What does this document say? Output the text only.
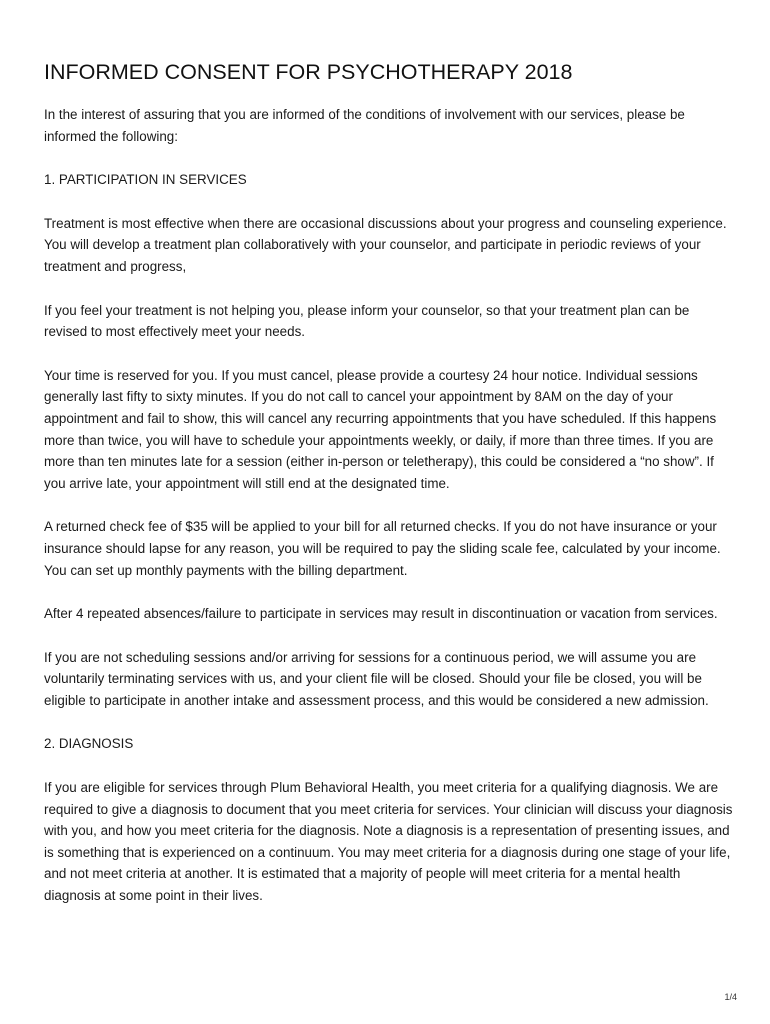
INFORMED CONSENT FOR PSYCHOTHERAPY 2018

In the interest of assuring that you are informed of the conditions of involvement with our services, please be informed the following:

1. PARTICIPATION IN SERVICES

Treatment is most effective when there are occasional discussions about your progress and counseling experience. You will develop a treatment plan collaboratively with your counselor, and participate in periodic reviews of your treatment and progress,

If you feel your treatment is not helping you, please inform your counselor, so that your treatment plan can be revised to most effectively meet your needs.

Your time is reserved for you. If you must cancel, please provide a courtesy 24 hour notice. Individual sessions generally last fifty to sixty minutes. If you do not call to cancel your appointment by 8AM on the day of your appointment and fail to show, this will cancel any recurring appointments that you have scheduled. If this happens more than twice, you will have to schedule your appointments weekly, or daily, if more than three times. If you are more than ten minutes late for a session (either in-person or teletherapy), this could be considered a “no show”. If you arrive late, your appointment will still end at the designated time.

A returned check fee of $35 will be applied to your bill for all returned checks. If you do not have insurance or your insurance should lapse for any reason, you will be required to pay the sliding scale fee, calculated by your income. You can set up monthly payments with the billing department.

After 4 repeated absences/failure to participate in services may result in discontinuation or vacation from services.

If you are not scheduling sessions and/or arriving for sessions for a continuous period, we will assume you are voluntarily terminating services with us, and your client file will be closed. Should your file be closed, you will be eligible to participate in another intake and assessment process, and this would be considered a new admission.

2. DIAGNOSIS

If you are eligible for services through Plum Behavioral Health, you meet criteria for a qualifying diagnosis. We are required to give a diagnosis to document that you meet criteria for services. Your clinician will discuss your diagnosis with you, and how you meet criteria for the diagnosis. Note a diagnosis is a representation of presenting issues, and is something that is experienced on a continuum. You may meet criteria for a diagnosis during one stage of your life, and not meet criteria at another. It is estimated that a majority of people will meet criteria for a mental health diagnosis at some point in their lives.

1/4
